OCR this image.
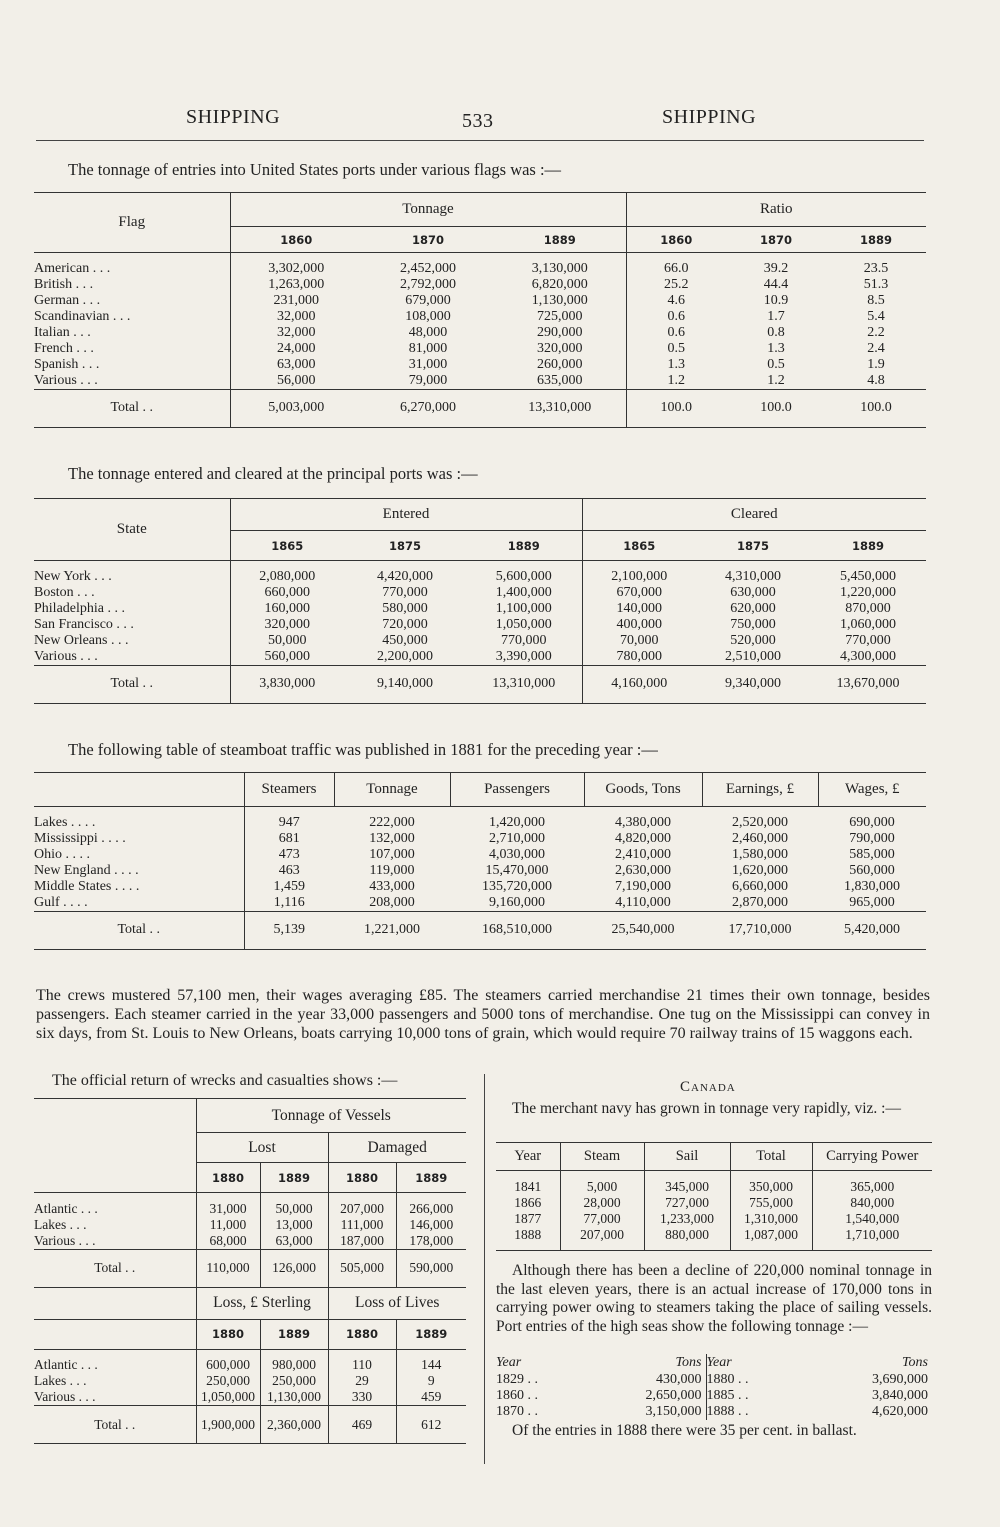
SHIPPING	533	SHIPPING
The tonnage of entries into United States ports under various flags was :—
Flag	Tonnage			Ratio		
	1860	1870	1889	1860	1870	1889
American . . .	3,302,000	2,452,000	3,130,000	66.0	39.2	23.5
British . . .	1,263,000	2,792,000	6,820,000	25.2	44.4	51.3
German . . .	231,000	679,000	1,130,000	4.6	10.9	8.5
Scandinavian . . .	32,000	108,000	725,000	0.6	1.7	5.4
Italian . . .	32,000	48,000	290,000	0.6	0.8	2.2
French . . .	24,000	81,000	320,000	0.5	1.3	2.4
Spanish . . .	63,000	31,000	260,000	1.3	0.5	1.9
Various . . .	56,000	79,000	635,000	1.2	1.2	4.8
Total . .	5,003,000	6,270,000	13,310,000	100.0	100.0	100.0
The tonnage entered and cleared at the principal ports was :—
State	Entered			Cleared		
	1865	1875	1889	1865	1875	1889
New York . . .	2,080,000	4,420,000	5,600,000	2,100,000	4,310,000	5,450,000
Boston . . .	660,000	770,000	1,400,000	670,000	630,000	1,220,000
Philadelphia . . .	160,000	580,000	1,100,000	140,000	620,000	870,000
San Francisco . . .	320,000	720,000	1,050,000	400,000	750,000	1,060,000
New Orleans . . .	50,000	450,000	770,000	70,000	520,000	770,000
Various . . .	560,000	2,200,000	3,390,000	780,000	2,510,000	4,300,000
Total . .	3,830,000	9,140,000	13,310,000	4,160,000	9,340,000	13,670,000
The following table of steamboat traffic was published in 1881 for the preceding year :—
	Steamers	Tonnage	Passengers	Goods, Tons	Earnings, £	Wages, £
Lakes . . . .	947	222,000	1,420,000	4,380,000	2,520,000	690,000
Mississippi . . . .	681	132,000	2,710,000	4,820,000	2,460,000	790,000
Ohio . . . .	473	107,000	4,030,000	2,410,000	1,580,000	585,000
New England . . . .	463	119,000	15,470,000	2,630,000	1,620,000	560,000
Middle States . . . .	1,459	433,000	135,720,000	7,190,000	6,660,000	1,830,000
Gulf . . . .	1,116	208,000	9,160,000	4,110,000	2,870,000	965,000
Total . .	5,139	1,221,000	168,510,000	25,540,000	17,710,000	5,420,000
The crews mustered 57,100 men, their wages averaging £85. The steamers carried merchandise 21 times their own tonnage, besides passengers. Each steamer carried in the year 33,000 passengers and 5000 tons of merchandise. One tug on the Mississippi can convey in six days, from St. Louis to New Orleans, boats carrying 10,000 tons of grain, which would require 70 railway trains of 15 waggons each.
The official return of wrecks and casualties shows :—
	Tonnage of Vessels			
	Lost		Damaged	
	1880	1889	1880	1889
Atlantic . . .	31,000	50,000	207,000	266,000
Lakes . . .	11,000	13,000	111,000	146,000
Various . . .	68,000	63,000	187,000	178,000
Total . .	110,000	126,000	505,000	590,000
	Loss, £ Sterling		Loss of Lives	
	1880	1889	1880	1889
Atlantic . . .	600,000	980,000	110	144
Lakes . . .	250,000	250,000	29	9
Various . . .	1,050,000	1,130,000	330	459
Total . .	1,900,000	2,360,000	469	612
Canada
The merchant navy has grown in tonnage very rapidly, viz. :—
Year	Steam	Sail	Total	Carrying Power
1841	5,000	345,000	350,000	365,000
1866	28,000	727,000	755,000	840,000
1877	77,000	1,233,000	1,310,000	1,540,000
1888	207,000	880,000	1,087,000	1,710,000
Although there has been a decline of 220,000 nominal tonnage in the last eleven years, there is an actual increase of 170,000 tons in carrying power owing to steamers taking the place of sailing vessels. Port entries of the high seas show the following tonnage :—
Year	Tons	Year	Tons
1829 . .	430,000	1880 . .	3,690,000
1860 . .	2,650,000	1885 . .	3,840,000
1870 . .	3,150,000	1888 . .	4,620,000
Of the entries in 1888 there were 35 per cent. in ballast.
